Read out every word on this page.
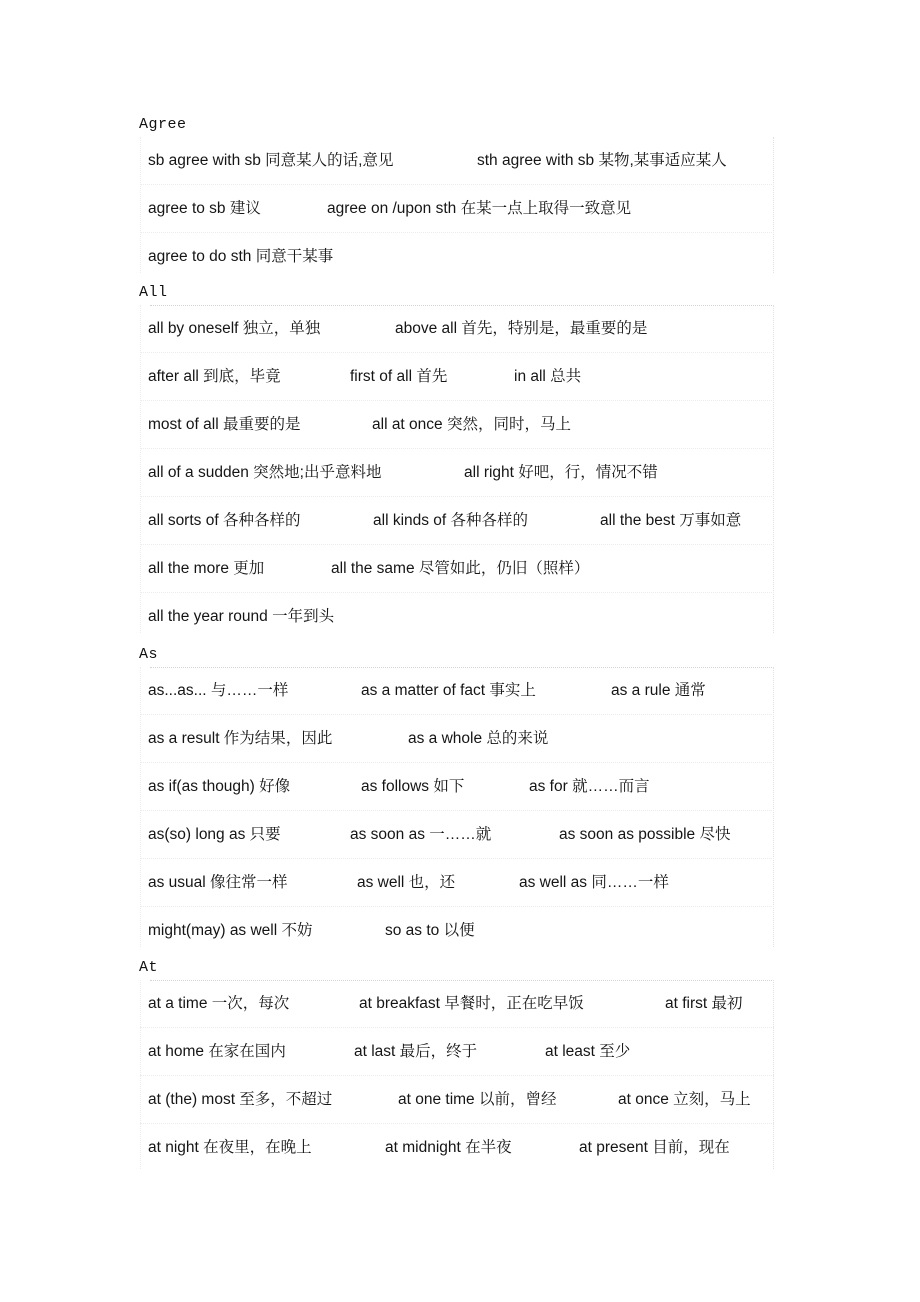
Agree
sb agree with sb 同意某人的话,意见	sth agree with sb 某物,某事适应某人
agree to sb 建议	agree on /upon sth 在某一点上取得一致意见
agree to do sth 同意干某事
All
all by oneself 独立，单独	above all 首先，特别是，最重要的是
after all 到底，毕竟	first of all 首先	in all 总共
most of all 最重要的是	all at once 突然，同时，马上
all of a sudden 突然地;出乎意料地	all right 好吧，行，情况不错
all sorts of 各种各样的	all kinds of 各种各样的	all the best 万事如意
all the more 更加	all the same 尽管如此，仍旧（照样）
all the year round 一年到头
As
as...as... 与……一样	as a matter of fact 事实上	as a rule 通常
as a result 作为结果，因此	as a whole 总的来说
as if(as though) 好像	as follows 如下	as for 就……而言
as(so) long as 只要	as soon as 一……就	as soon as possible 尽快
as usual 像往常一样	as well 也，还	as well as 同……一样
might(may) as well 不妨	so as to 以便
At
at a time 一次，每次	at breakfast 早餐时，正在吃早饭	at first 最初
at home 在家在国内	at last 最后，终于	at least 至少
at (the) most 至多，不超过	at one time 以前，曾经	at once 立刻，马上
at night 在夜里，在晚上	at midnight 在半夜	at present 目前，现在
